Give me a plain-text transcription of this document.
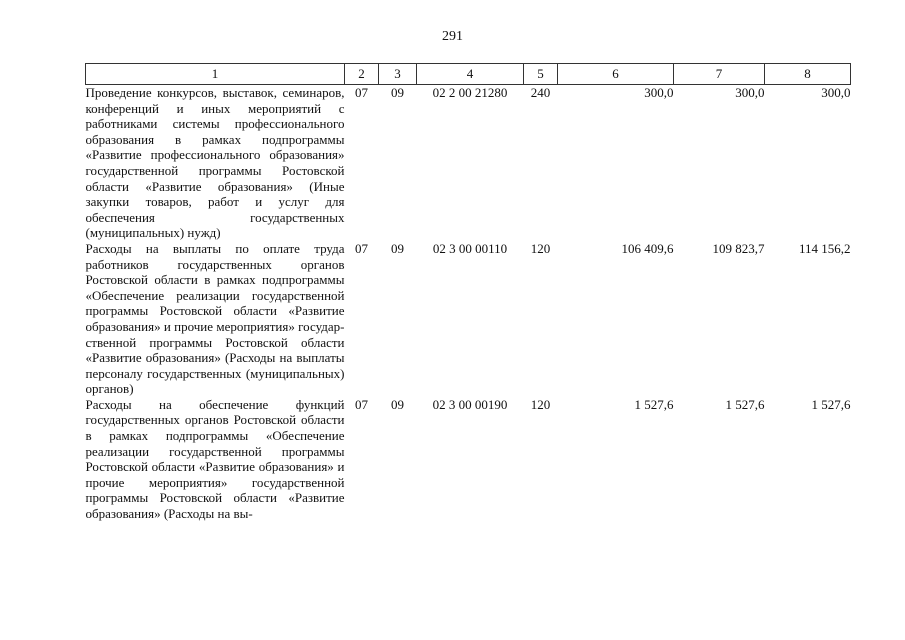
291
1	2	3	4	5	6	7	8
Проведение конкурсов, выставок, семинаров, конференций и иных мероприятий с работниками системы профессионального образования в рамках подпрограммы «Развитие профессионального образования» государственной программы Ростовской области «Развитие образования» (Иные закупки товаров, работ и услуг для обеспечения государственных (муниципальных) нужд)	07	09	02 2 00 21280	240	300,0	300,0	300,0
Расходы на выплаты по оплате труда работников государственных органов Ростовской области в рамках подпрограммы «Обеспечение реализации государственной программы Ростовской области «Развитие образования» и прочие мероприятия» государственной программы Ростовской области «Развитие образования» (Расходы на выплаты персоналу государственных (муниципальных) органов)	07	09	02 3 00 00110	120	106 409,6	109 823,7	114 156,2
Расходы на обеспечение функций государственных органов Ростовской области в рамках подпрограммы «Обеспечение реализации государственной программы Ростовской области «Развитие образования» и прочие мероприятия» государственной программы Ростовской области «Развитие образования» (Расходы на вы-	07	09	02 3 00 00190	120	1 527,6	1 527,6	1 527,6
